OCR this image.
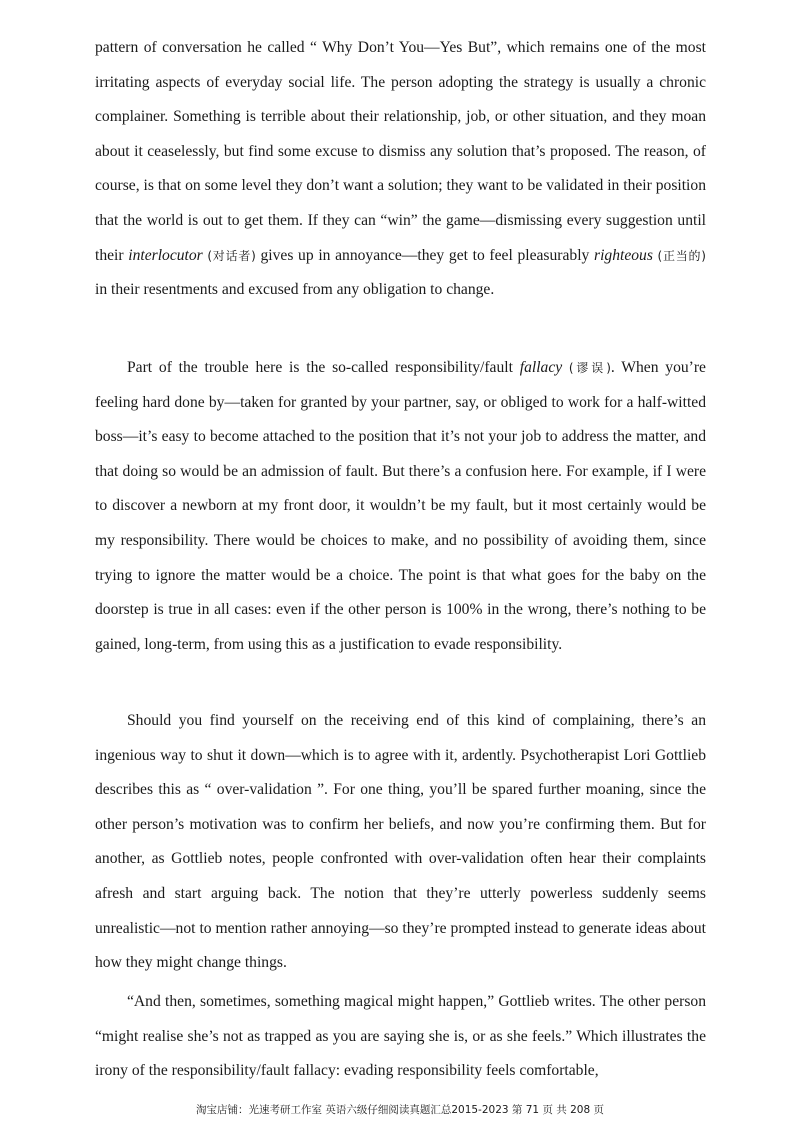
pattern of conversation he called “ Why Don’t You—Yes But”, which remains one of the most irritating aspects of everyday social life. The person adopting the strategy is usually a chronic complainer. Something is terrible about their relationship, job, or other situation, and they moan about it ceaselessly, but find some excuse to dismiss any solution that’s proposed. The reason, of course, is that on some level they don’t want a solution; they want to be validated in their position that the world is out to get them. If they can “win” the game—dismissing every suggestion until their interlocutor (对话者) gives up in annoyance—they get to feel pleasurably righteous (正当的) in their resentments and excused from any obligation to change.

Part of the trouble here is the so-called responsibility/fault fallacy (谬误). When you’re feeling hard done by—taken for granted by your partner, say, or obliged to work for a half-witted boss—it’s easy to become attached to the position that it’s not your job to address the matter, and that doing so would be an admission of fault. But there’s a confusion here. For example, if I were to discover a newborn at my front door, it wouldn’t be my fault, but it most certainly would be my responsibility. There would be choices to make, and no possibility of avoiding them, since trying to ignore the matter would be a choice. The point is that what goes for the baby on the doorstep is true in all cases: even if the other person is 100% in the wrong, there’s nothing to be gained, long-term, from using this as a justification to evade responsibility.

Should you find yourself on the receiving end of this kind of complaining, there’s an ingenious way to shut it down—which is to agree with it, ardently. Psychotherapist Lori Gottlieb describes this as “ over-validation ”. For one thing, you’ll be spared further moaning, since the other person’s motivation was to confirm her beliefs, and now you’re confirming them. But for another, as Gottlieb notes, people confronted with over-validation often hear their complaints afresh and start arguing back. The notion that they’re utterly powerless suddenly seems unrealistic—not to mention rather annoying—so they’re prompted instead to generate ideas about how they might change things.

“And then, sometimes, something magical might happen,” Gottlieb writes. The other person “might realise she’s not as trapped as you are saying she is, or as she feels.” Which illustrates the irony of the responsibility/fault fallacy: evading responsibility feels comfortable,

淘宝店铺：光速考研工作室 英语六级仔细阅读真题汇总2015-2023 第 71 页 共 208 页
